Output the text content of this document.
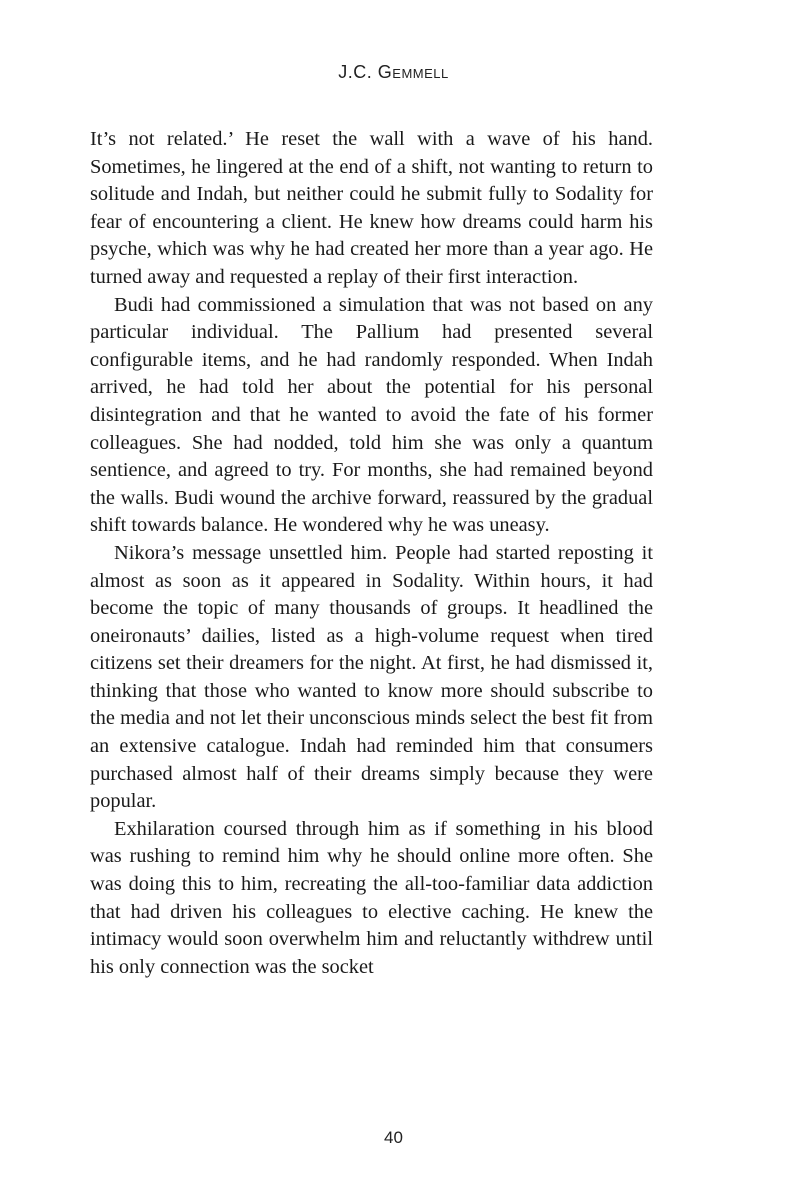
J.C. Gemmell

It’s not related.’ He reset the wall with a wave of his hand. Sometimes, he lingered at the end of a shift, not wanting to return to solitude and Indah, but neither could he submit fully to Sodality for fear of encountering a client. He knew how dreams could harm his psyche, which was why he had created her more than a year ago. He turned away and requested a replay of their first interaction.

Budi had commissioned a simulation that was not based on any particular individual. The Pallium had presented several configurable items, and he had randomly responded. When Indah arrived, he had told her about the potential for his personal disintegration and that he wanted to avoid the fate of his former colleagues. She had nodded, told him she was only a quantum sentience, and agreed to try. For months, she had remained beyond the walls. Budi wound the archive forward, reassured by the gradual shift towards balance. He wondered why he was uneasy.

Nikora’s message unsettled him. People had started reposting it almost as soon as it appeared in Sodality. Within hours, it had become the topic of many thousands of groups. It headlined the oneironauts’ dailies, listed as a high-volume request when tired citizens set their dreamers for the night. At first, he had dismissed it, thinking that those who wanted to know more should subscribe to the media and not let their unconscious minds select the best fit from an extensive catalogue. Indah had reminded him that consumers purchased almost half of their dreams simply because they were popular.

Exhilaration coursed through him as if something in his blood was rushing to remind him why he should online more often. She was doing this to him, recreating the all-too-familiar data addiction that had driven his colleagues to elective caching. He knew the intimacy would soon overwhelm him and reluctantly withdrew until his only connection was the socket

40
